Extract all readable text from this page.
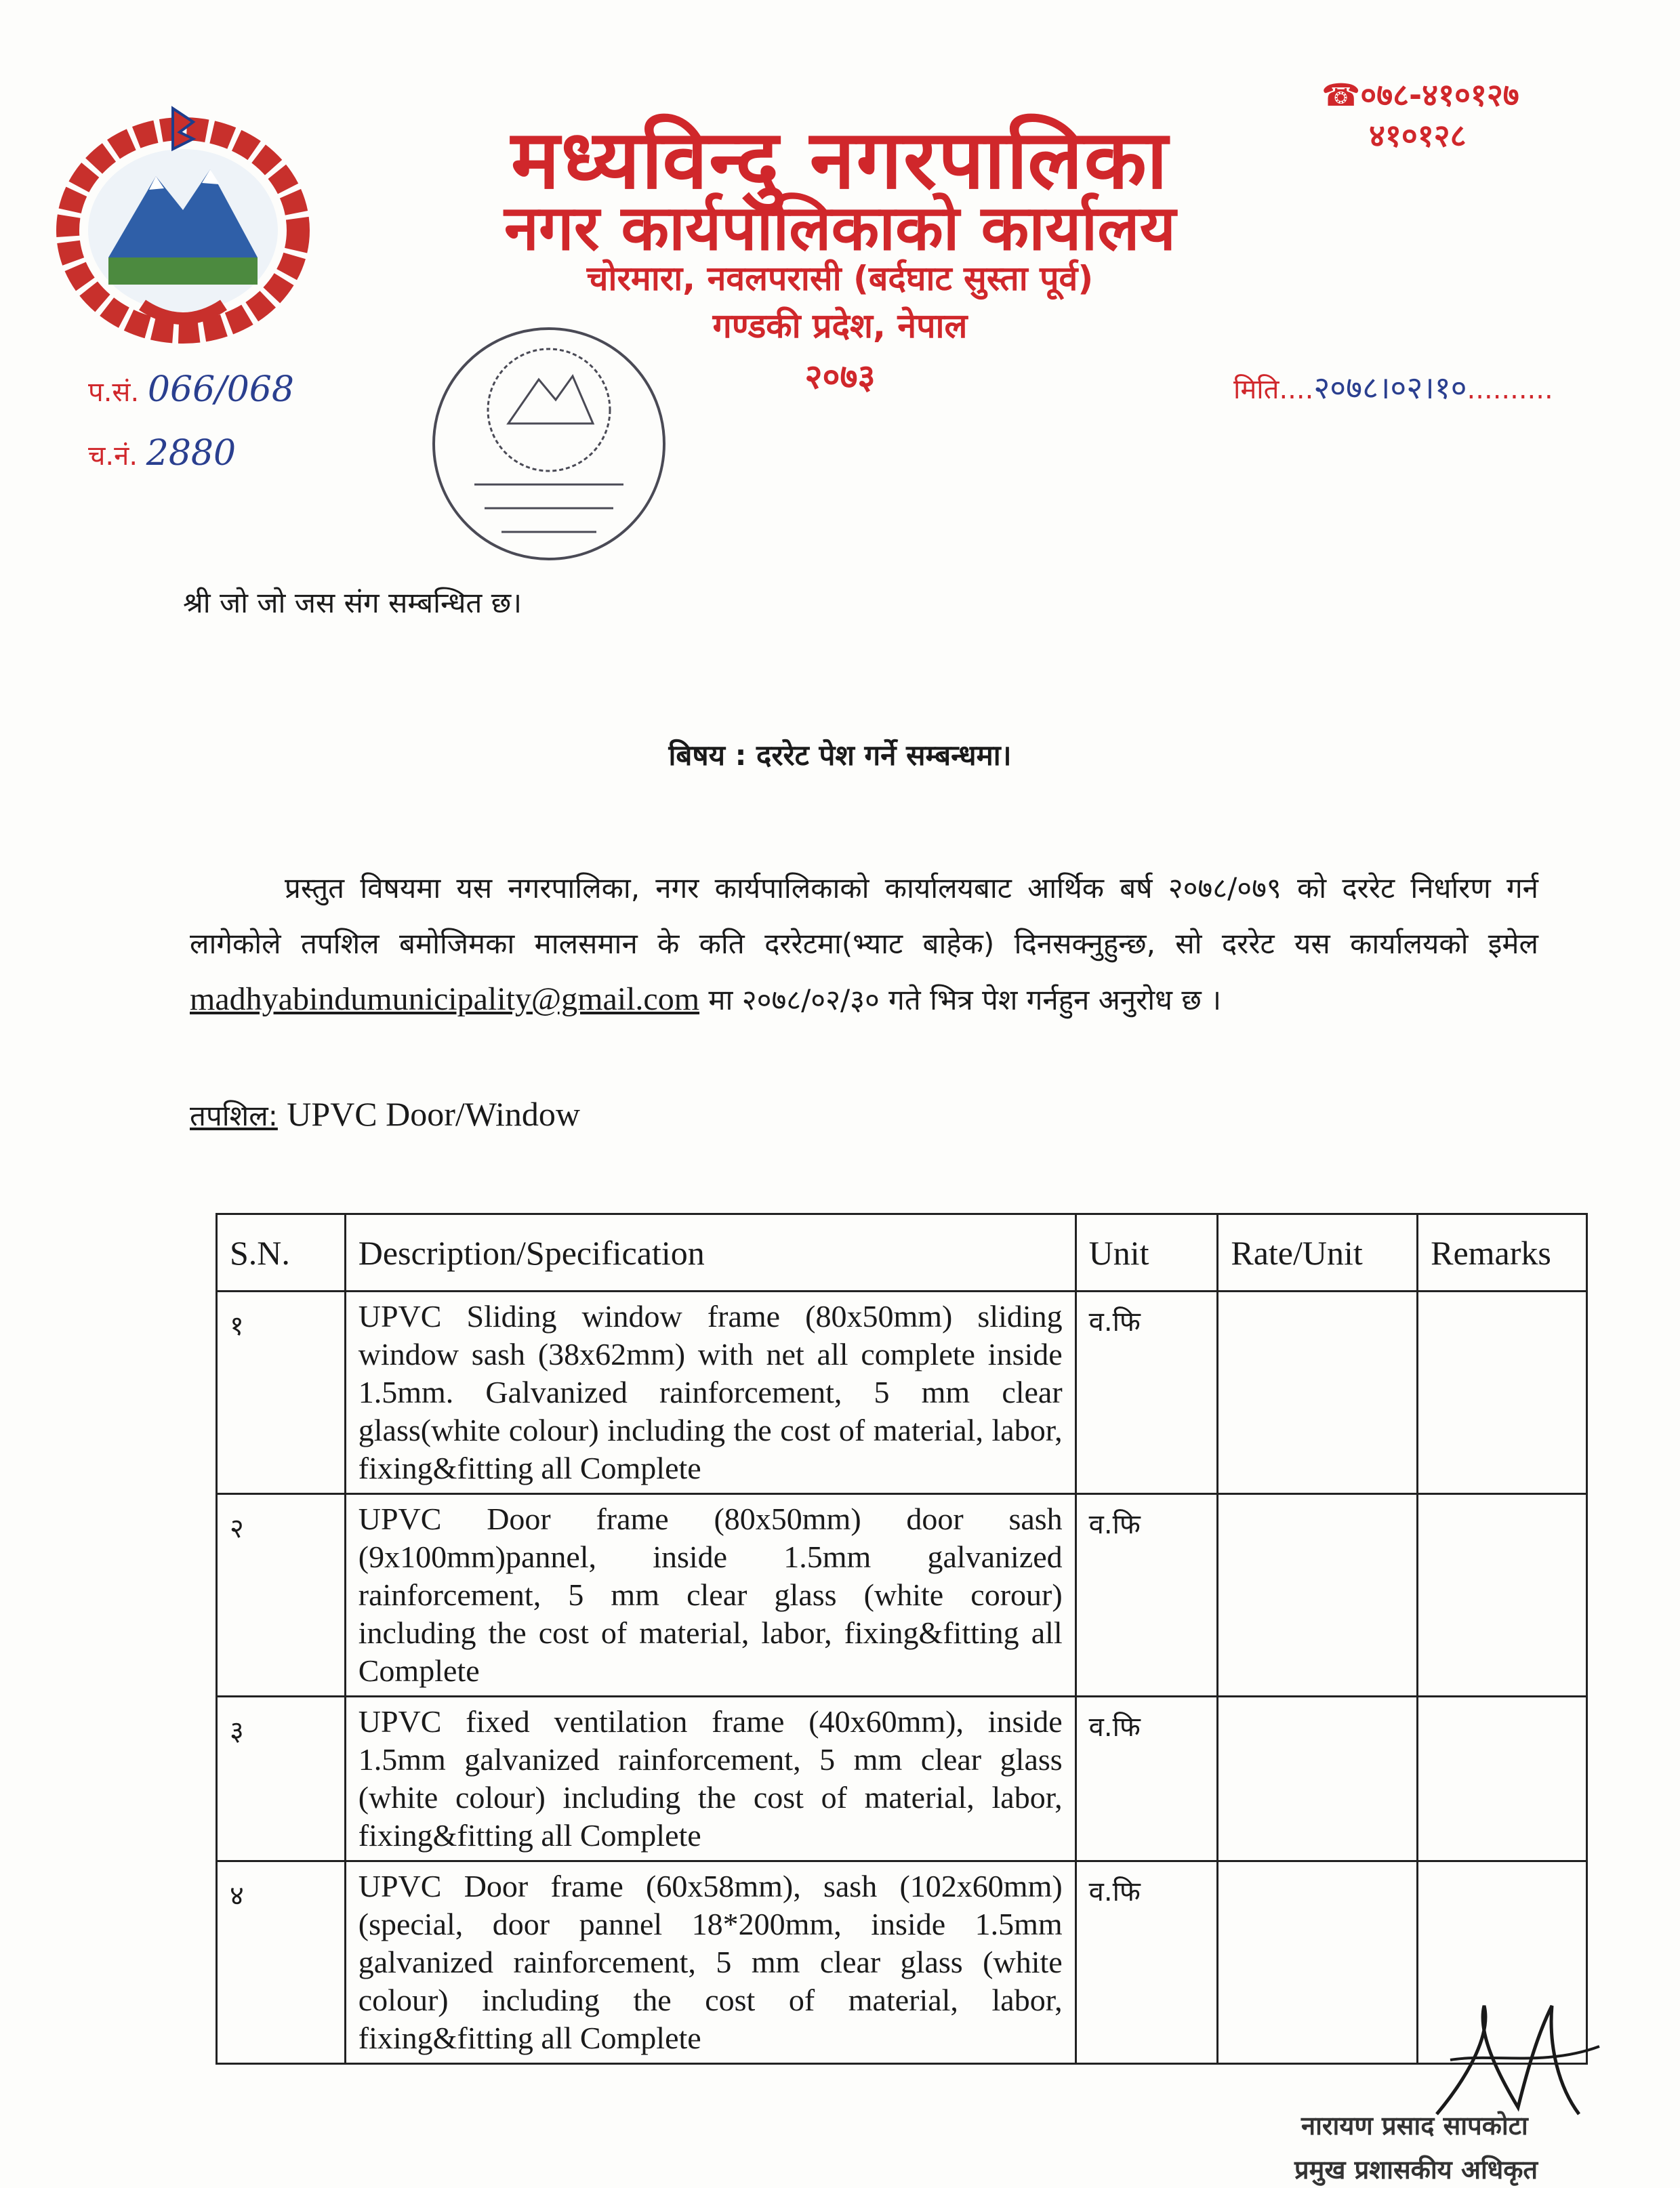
मध्यविन्दु नगरपालिका
नगर कार्यपालिकाको कार्यालय
चोरमारा, नवलपरासी (बर्दघाट सुस्ता पूर्व)
गण्डकी प्रदेश, नेपाल
२०७३
☎०७८-४१०१२७
४१०१२८
प.सं. 066/068
च.नं. 2880
मिति....२०७८।०२।१०..........
श्री जो जो जस संग सम्बन्धित छ।
बिषय : दररेट पेश गर्ने सम्बन्धमा।
प्रस्तुत विषयमा यस नगरपालिका, नगर कार्यपालिकाको कार्यालयबाट आर्थिक बर्ष २०७८/०७९ को दररेट निर्धारण गर्न लागेकोले तपशिल बमोजिमका मालसमान के कति दररेटमा(भ्याट बाहेक) दिनसक्नुहुन्छ, सो दररेट यस कार्यालयको इमेल madhyabindumunicipality@gmail.com मा २०७८/०२/३० गते भित्र पेश गर्नहुन अनुरोध छ ।
तपशिल: UPVC Door/Window
S.N.	Description/Specification	Unit	Rate/Unit	Remarks
१	UPVC Sliding window frame (80x50mm) sliding window sash (38x62mm) with net all complete inside 1.5mm. Galvanized rainforcement, 5 mm clear glass(white colour) including the cost of material, labor, fixing&fitting all Complete	व.फि		
२	UPVC Door frame (80x50mm) door sash (9x100mm)pannel, inside 1.5mm galvanized rainforcement, 5 mm clear glass (white corour) including the cost of material, labor, fixing&fitting all Complete	व.फि		
३	UPVC fixed ventilation frame (40x60mm), inside 1.5mm galvanized rainforcement, 5 mm clear glass (white colour) including the cost of material, labor, fixing&fitting all Complete	व.फि		
४	UPVC Door frame (60x58mm), sash (102x60mm)(special, door pannel 18*200mm, inside 1.5mm galvanized rainforcement, 5 mm clear glass (white colour) including the cost of material, labor, fixing&fitting all Complete	व.फि		
नारायण प्रसाद सापकोटा
प्रमुख प्रशासकीय अधिकृत
